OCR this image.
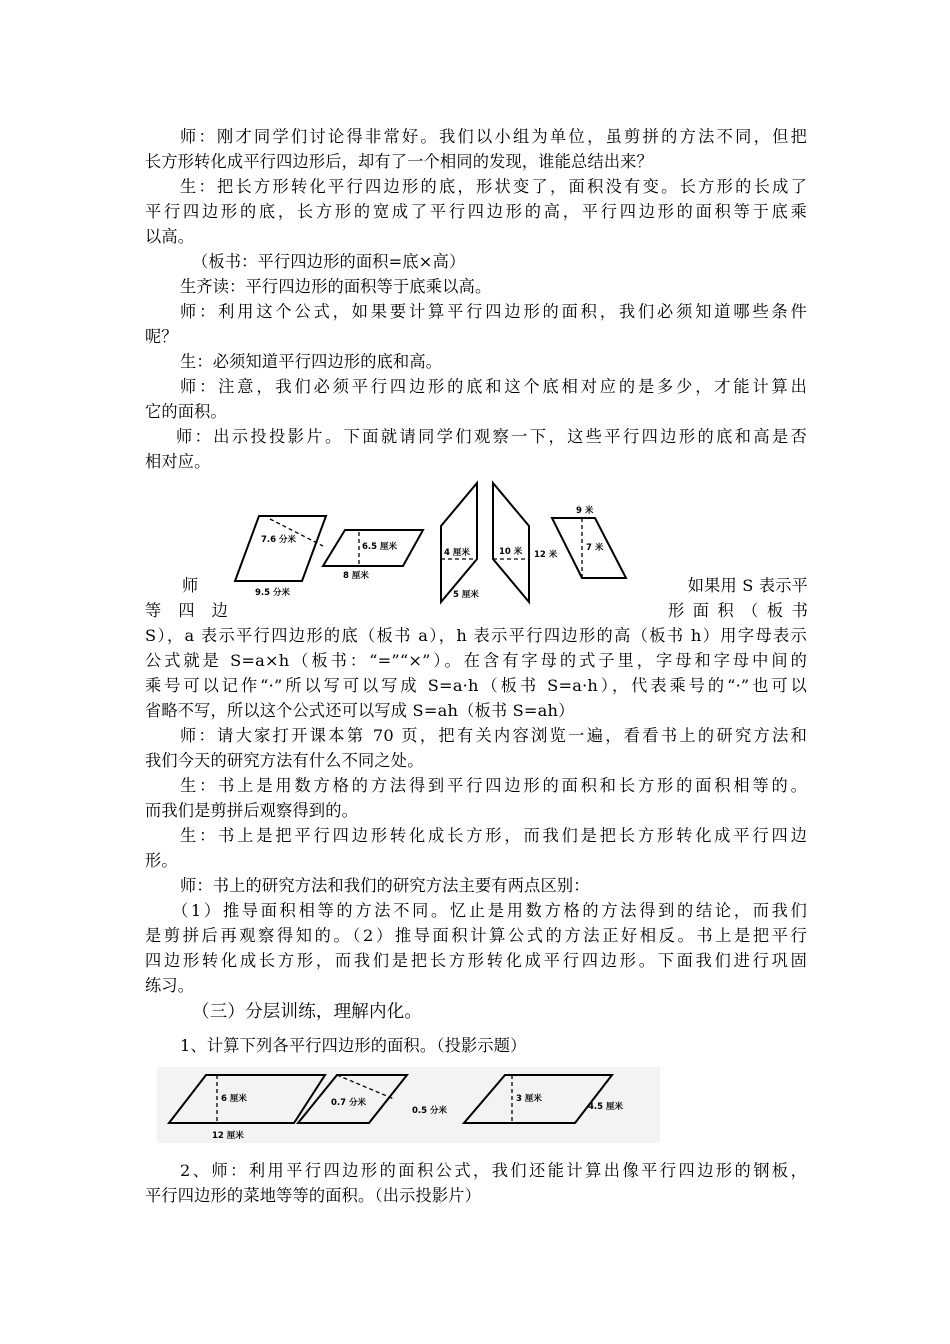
师：刚才同学们讨论得非常好。我们以小组为单位，虽剪拼的方法不同，但把
长方形转化成平行四边形后，却有了一个相同的发现，谁能总结出来？
生：把长方形转化平行四边形的底，形状变了，面积没有变。长方形的长成了
平行四边形的底，长方形的宽成了平行四边形的高，平行四边形的面积等于底乘
以高。
（板书：平行四边形的面积=底×高）
生齐读：平行四边形的面积等于底乘以高。
师：利用这个公式，如果要计算平行四边形的面积，我们必须知道哪些条件
呢？
生：必须知道平行四边形的底和高。
师：注意，我们必须平行四边形的底和这个底相对应的是多少，才能计算出
它的面积。
师：出示投投影片。下面就请同学们观察一下，这些平行四边形的底和高是否
相对应。
7.6 分米
9.5 分米
6.5 厘米
8 厘米
4 厘米
5 厘米
10 米 12 米
9 米
7 米
师
等 四 边
如果用 S 表示平
形 面 积 （ 板 书
S），a 表示平行四边形的底（板书 a），h 表示平行四边形的高（板书 h）用字母表示
公式就是 S=a×h（板书：“=”“×”）。在含有字母的式子里，字母和字母中间的
乘号可以记作“·”所以写可以写成 S=a·h（板书 S=a·h），代表乘号的“·”也可以
省略不写，所以这个公式还可以写成 S=ah（板书 S=ah）
师：请大家打开课本第 70 页，把有关内容浏览一遍，看看书上的研究方法和
我们今天的研究方法有什么不同之处。
生：书上是用数方格的方法得到平行四边形的面积和长方形的面积相等的。
而我们是剪拼后观察得到的。
生：书上是把平行四边形转化成长方形，而我们是把长方形转化成平行四边
形。
师：书上的研究方法和我们的研究方法主要有两点区别：
（1）推导面积相等的方法不同。忆止是用数方格的方法得到的结论，而我们
是剪拼后再观察得知的。（2）推导面积计算公式的方法正好相反。书上是把平行
四边形转化成长方形，而我们是把长方形转化成平行四边形。下面我们进行巩固
练习。
（三）分层训练，理解内化。
1、计算下列各平行四边形的面积。（投影示题）
6 厘米
12 厘米
0.7 分米
0.5 分米
3 厘米
4.5 厘米
2、师：利用平行四边形的面积公式，我们还能计算出像平行四边形的钢板，
平行四边形的菜地等等的面积。（出示投影片）
